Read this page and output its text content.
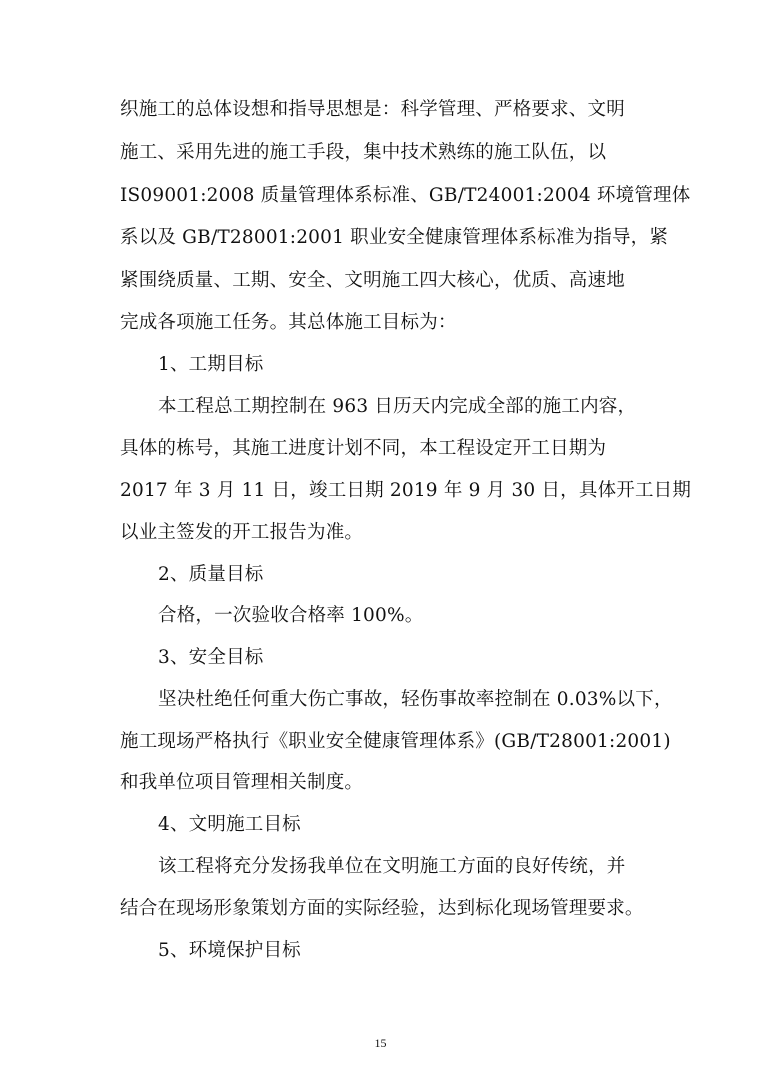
织施工的总体设想和指导思想是：科学管理、严格要求、文明
施工、采用先进的施工手段，集中技术熟练的施工队伍，以
IS09001:2008 质量管理体系标准、GB/T24001:2004 环境管理体
系以及 GB/T28001:2001 职业安全健康管理体系标准为指导，紧
紧围绕质量、工期、安全、文明施工四大核心，优质、高速地
完成各项施工任务。其总体施工目标为：
1、工期目标
本工程总工期控制在 963 日历天内完成全部的施工内容，
具体的栋号，其施工进度计划不同，本工程设定开工日期为
2017 年 3 月 11 日，竣工日期 2019 年 9 月 30 日，具体开工日期
以业主签发的开工报告为准。
2、质量目标
合格，一次验收合格率 100%。
3、安全目标
坚决杜绝任何重大伤亡事故，轻伤事故率控制在 0.03%以下，
施工现场严格执行《职业安全健康管理体系》(GB/T28001:2001)
和我单位项目管理相关制度。
4、文明施工目标
该工程将充分发扬我单位在文明施工方面的良好传统，并
结合在现场形象策划方面的实际经验，达到标化现场管理要求。
5、环境保护目标
15
